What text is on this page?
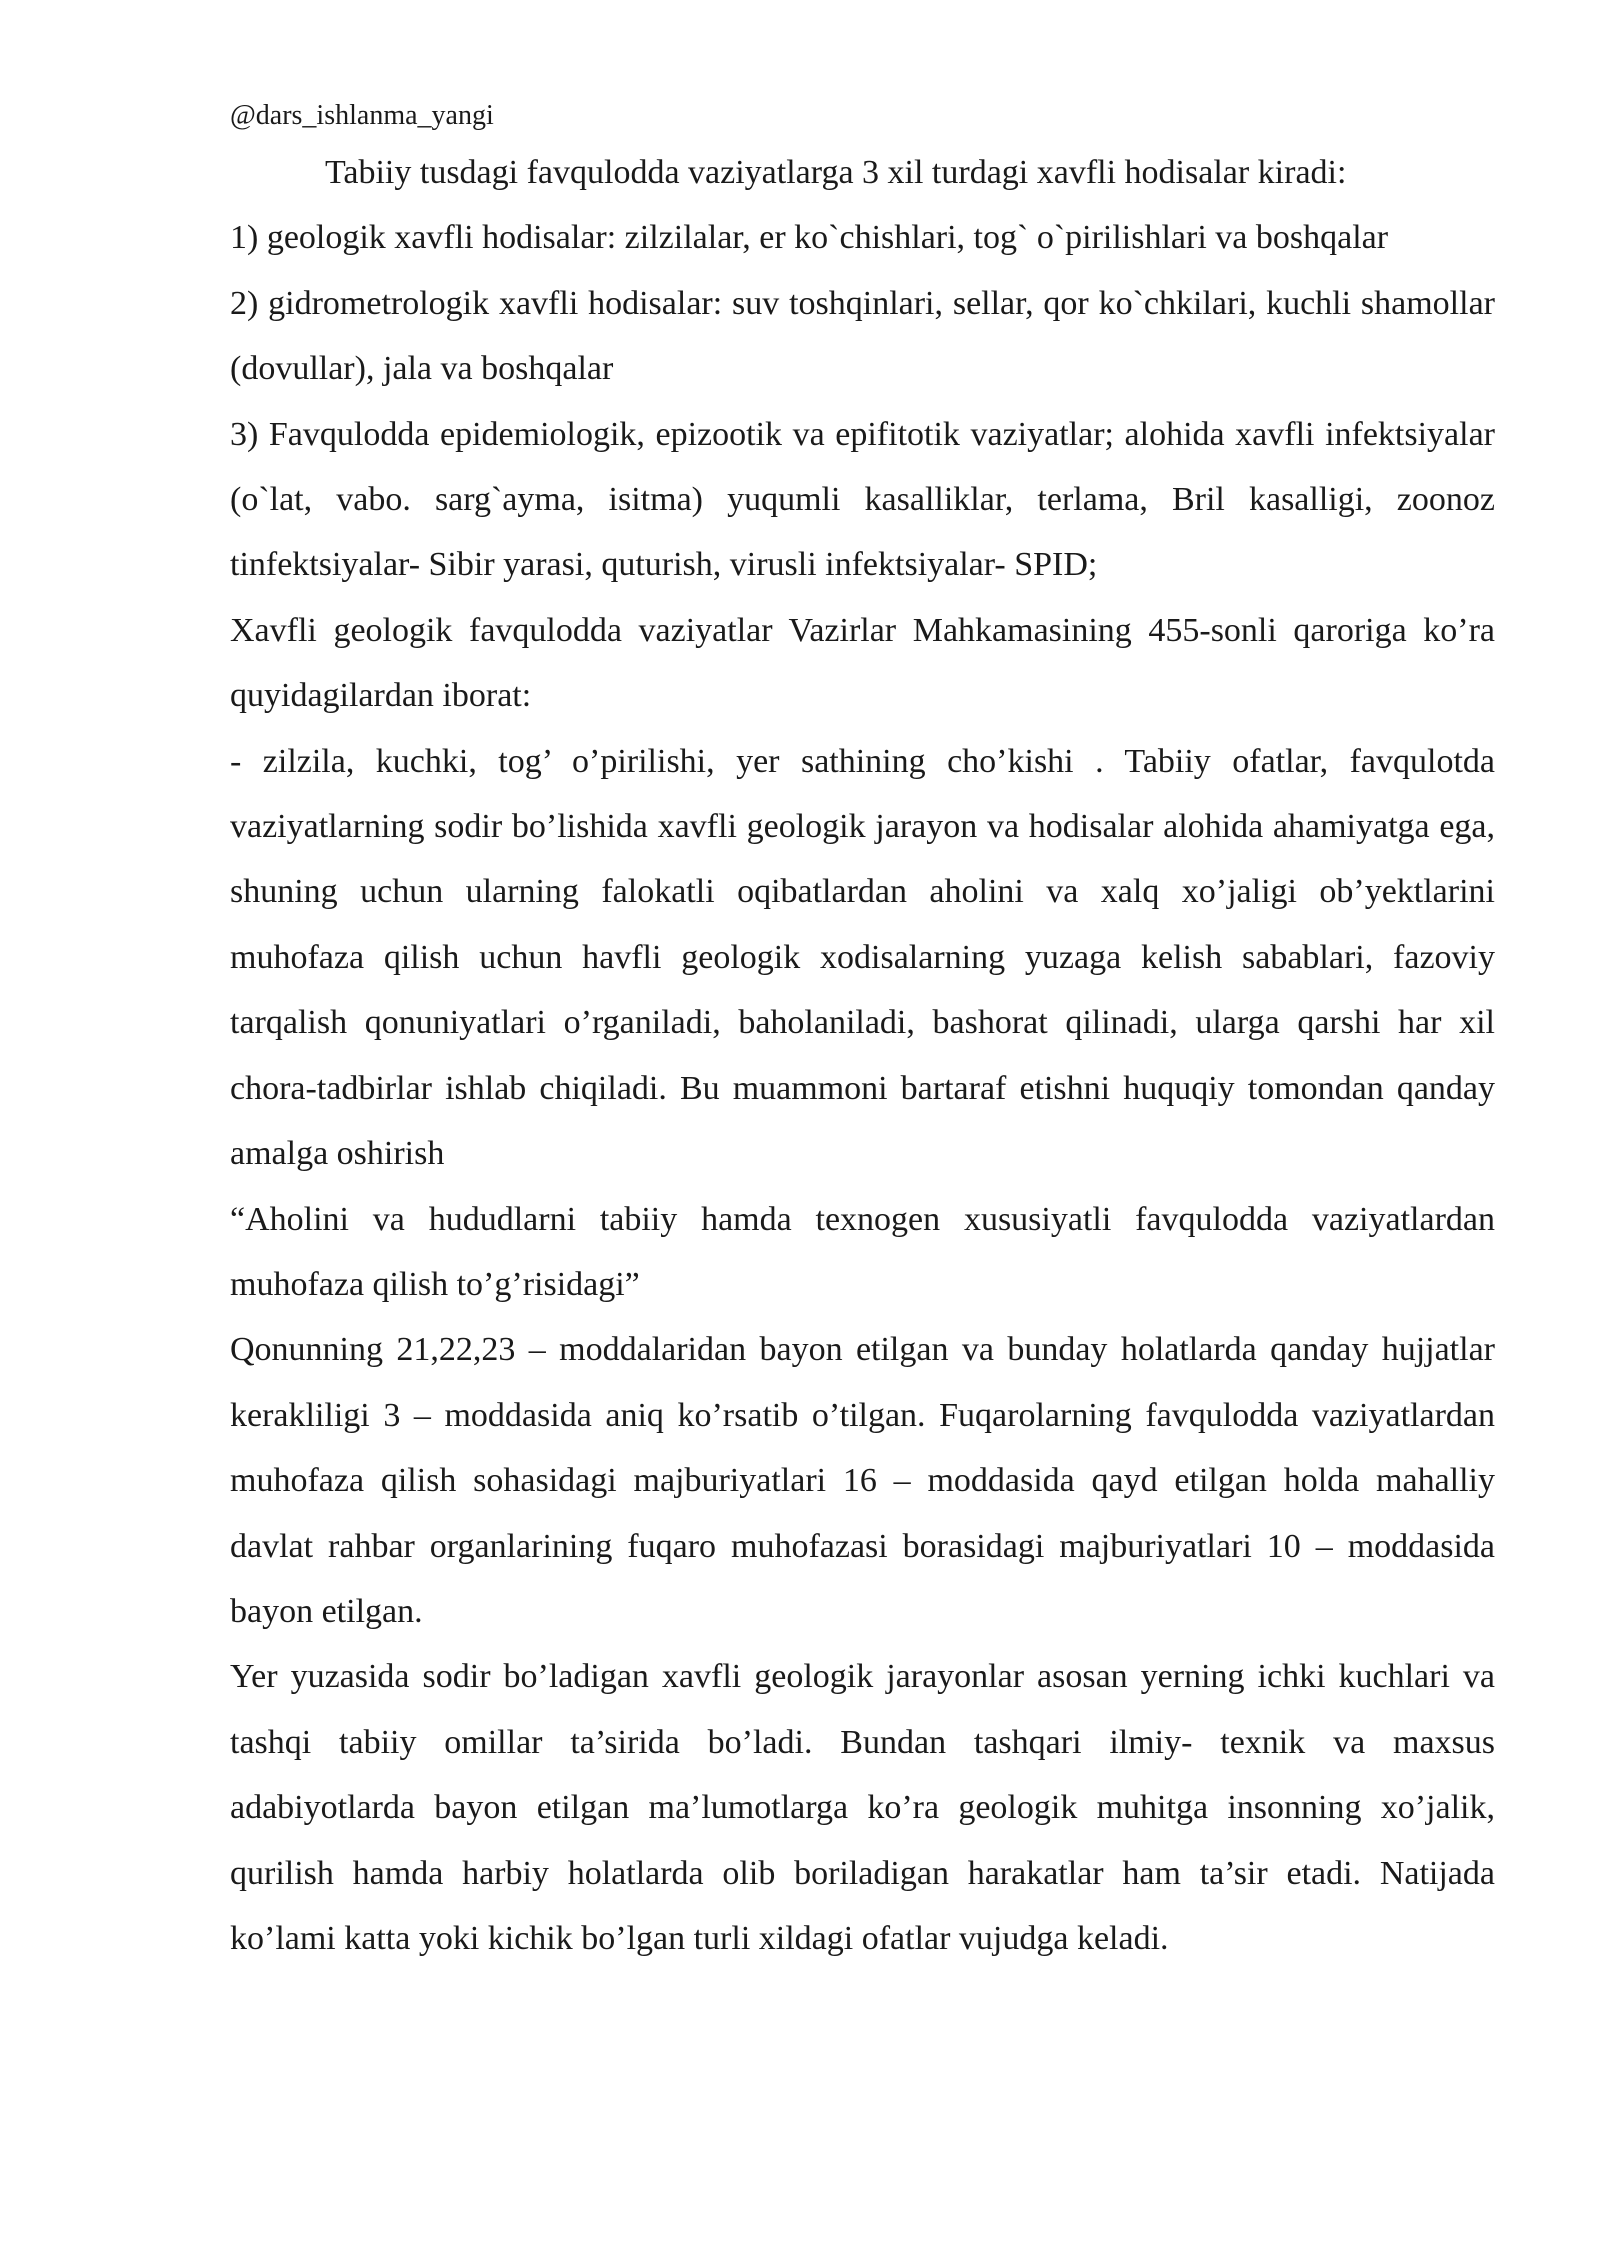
@dars_ishlanma_yangi

Tabiiy tusdagi favqulodda vaziyatlarga 3 xil turdagi xavfli hodisalar kiradi:

1) geologik xavfli hodisalar: zilzilalar, er ko`chishlari, tog` o`pirilishlari va boshqalar

2) gidrometrologik xavfli hodisalar: suv toshqinlari, sellar, qor ko`chkilari, kuchli shamollar (dovullar), jala va boshqalar

3) Favqulodda epidemiologik, epizootik va epifitotik vaziyatlar; alohida xavfli infektsiyalar (o`lat, vabo. sarg`ayma, isitma) yuqumli kasalliklar, terlama, Bril kasalligi, zoonoz tinfektsiyalar- Sibir yarasi, quturish, virusli infektsiyalar- SPID;

Xavfli geologik favqulodda vaziyatlar Vazirlar Mahkamasining 455-sonli qaroriga ko’ra quyidagilardan iborat:

- zilzila, kuchki, tog’ o’pirilishi, yer sathining cho’kishi . Tabiiy ofatlar, favqulotda vaziyatlarning sodir bo’lishida xavfli geologik jarayon va hodisalar alohida ahamiyatga ega, shuning uchun ularning falokatli oqibatlardan aholini va xalq xo’jaligi ob’yektlarini muhofaza qilish uchun havfli geologik xodisalarning yuzaga kelish sabablari, fazoviy tarqalish qonuniyatlari o’rganiladi, baholaniladi, bashorat qilinadi, ularga qarshi har xil chora-tadbirlar ishlab chiqiladi. Bu muammoni bartaraf etishni huquqiy tomondan qanday amalga oshirish

“Aholini va hududlarni tabiiy hamda texnogen xususiyatli favqulodda vaziyatlardan muhofaza qilish to’g’risidagi”

Qonunning 21,22,23 – moddalaridan bayon etilgan va bunday holatlarda qanday hujjatlar kerakliligi 3 – moddasida aniq ko’rsatib o’tilgan. Fuqarolarning favqulodda vaziyatlardan muhofaza qilish sohasidagi majburiyatlari 16 – moddasida qayd etilgan holda mahalliy davlat rahbar organlarining fuqaro muhofazasi borasidagi majburiyatlari 10 – moddasida bayon etilgan.

Yer yuzasida sodir bo’ladigan xavfli geologik jarayonlar asosan yerning ichki kuchlari va tashqi tabiiy omillar ta’sirida bo’ladi. Bundan tashqari ilmiy- texnik va maxsus adabiyotlarda bayon etilgan ma’lumotlarga ko’ra geologik muhitga insonning xo’jalik, qurilish hamda harbiy holatlarda olib boriladigan harakatlar ham ta’sir etadi. Natijada ko’lami katta yoki kichik bo’lgan turli xildagi ofatlar vujudga keladi.
